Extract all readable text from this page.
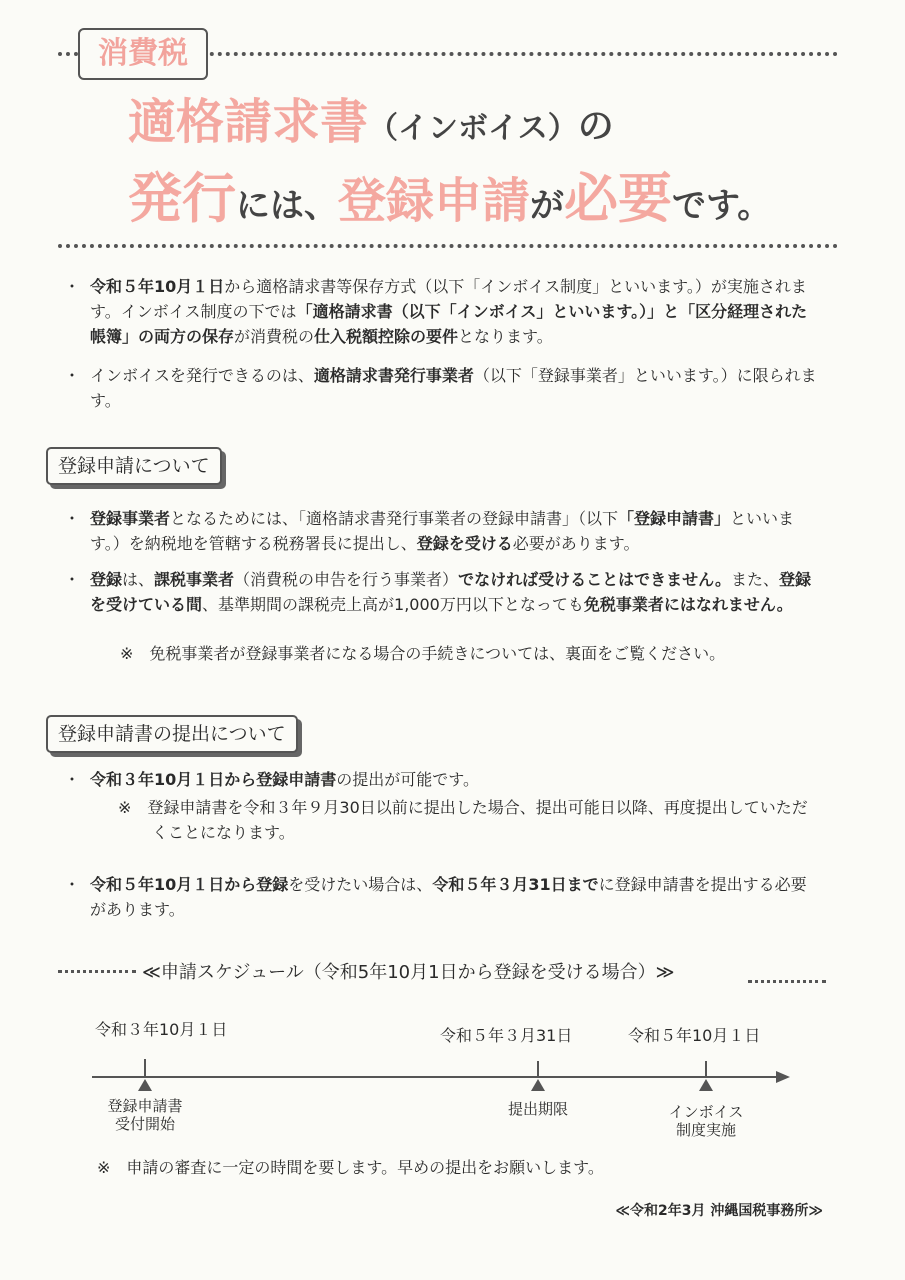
消費税
適格請求書（インボイス）の
発行には、登録申請が必要です。
・ 令和５年10月１日から適格請求書等保存方式（以下「インボイス制度」といいます。）が実施されます。インボイス制度の下では「適格請求書（以下「インボイス」といいます。）」と「区分経理された帳簿」の両方の保存が消費税の仕入税額控除の要件となります。
・ インボイスを発行できるのは、適格請求書発行事業者（以下「登録事業者」といいます。）に限られます。
登録申請について
・ 登録事業者となるためには、「適格請求書発行事業者の登録申請書」（以下「登録申請書」といいます。）を納税地を管轄する税務署長に提出し、登録を受ける必要があります。
・ 登録は、課税事業者（消費税の申告を行う事業者）でなければ受けることはできません。また、登録を受けている間、基準期間の課税売上高が1,000万円以下となっても免税事業者にはなれません。
※　免税事業者が登録事業者になる場合の手続きについては、裏面をご覧ください。
登録申請書の提出について
・ 令和３年10月１日から登録申請書の提出が可能です。
※　登録申請書を令和３年９月30日以前に提出した場合、提出可能日以降、再度提出していただくことになります。
・ 令和５年10月１日から登録を受けたい場合は、令和５年３月31日までに登録申請書を提出する必要があります。
≪申請スケジュール（令和5年10月1日から登録を受ける場合）≫
令和３年10月１日	令和５年３月31日	令和５年10月１日
登録申請書
受付開始
提出期限	インボイス
制度実施
※　申請の審査に一定の時間を要します。早めの提出をお願いします。
≪令和2年3月 沖縄国税事務所≫
